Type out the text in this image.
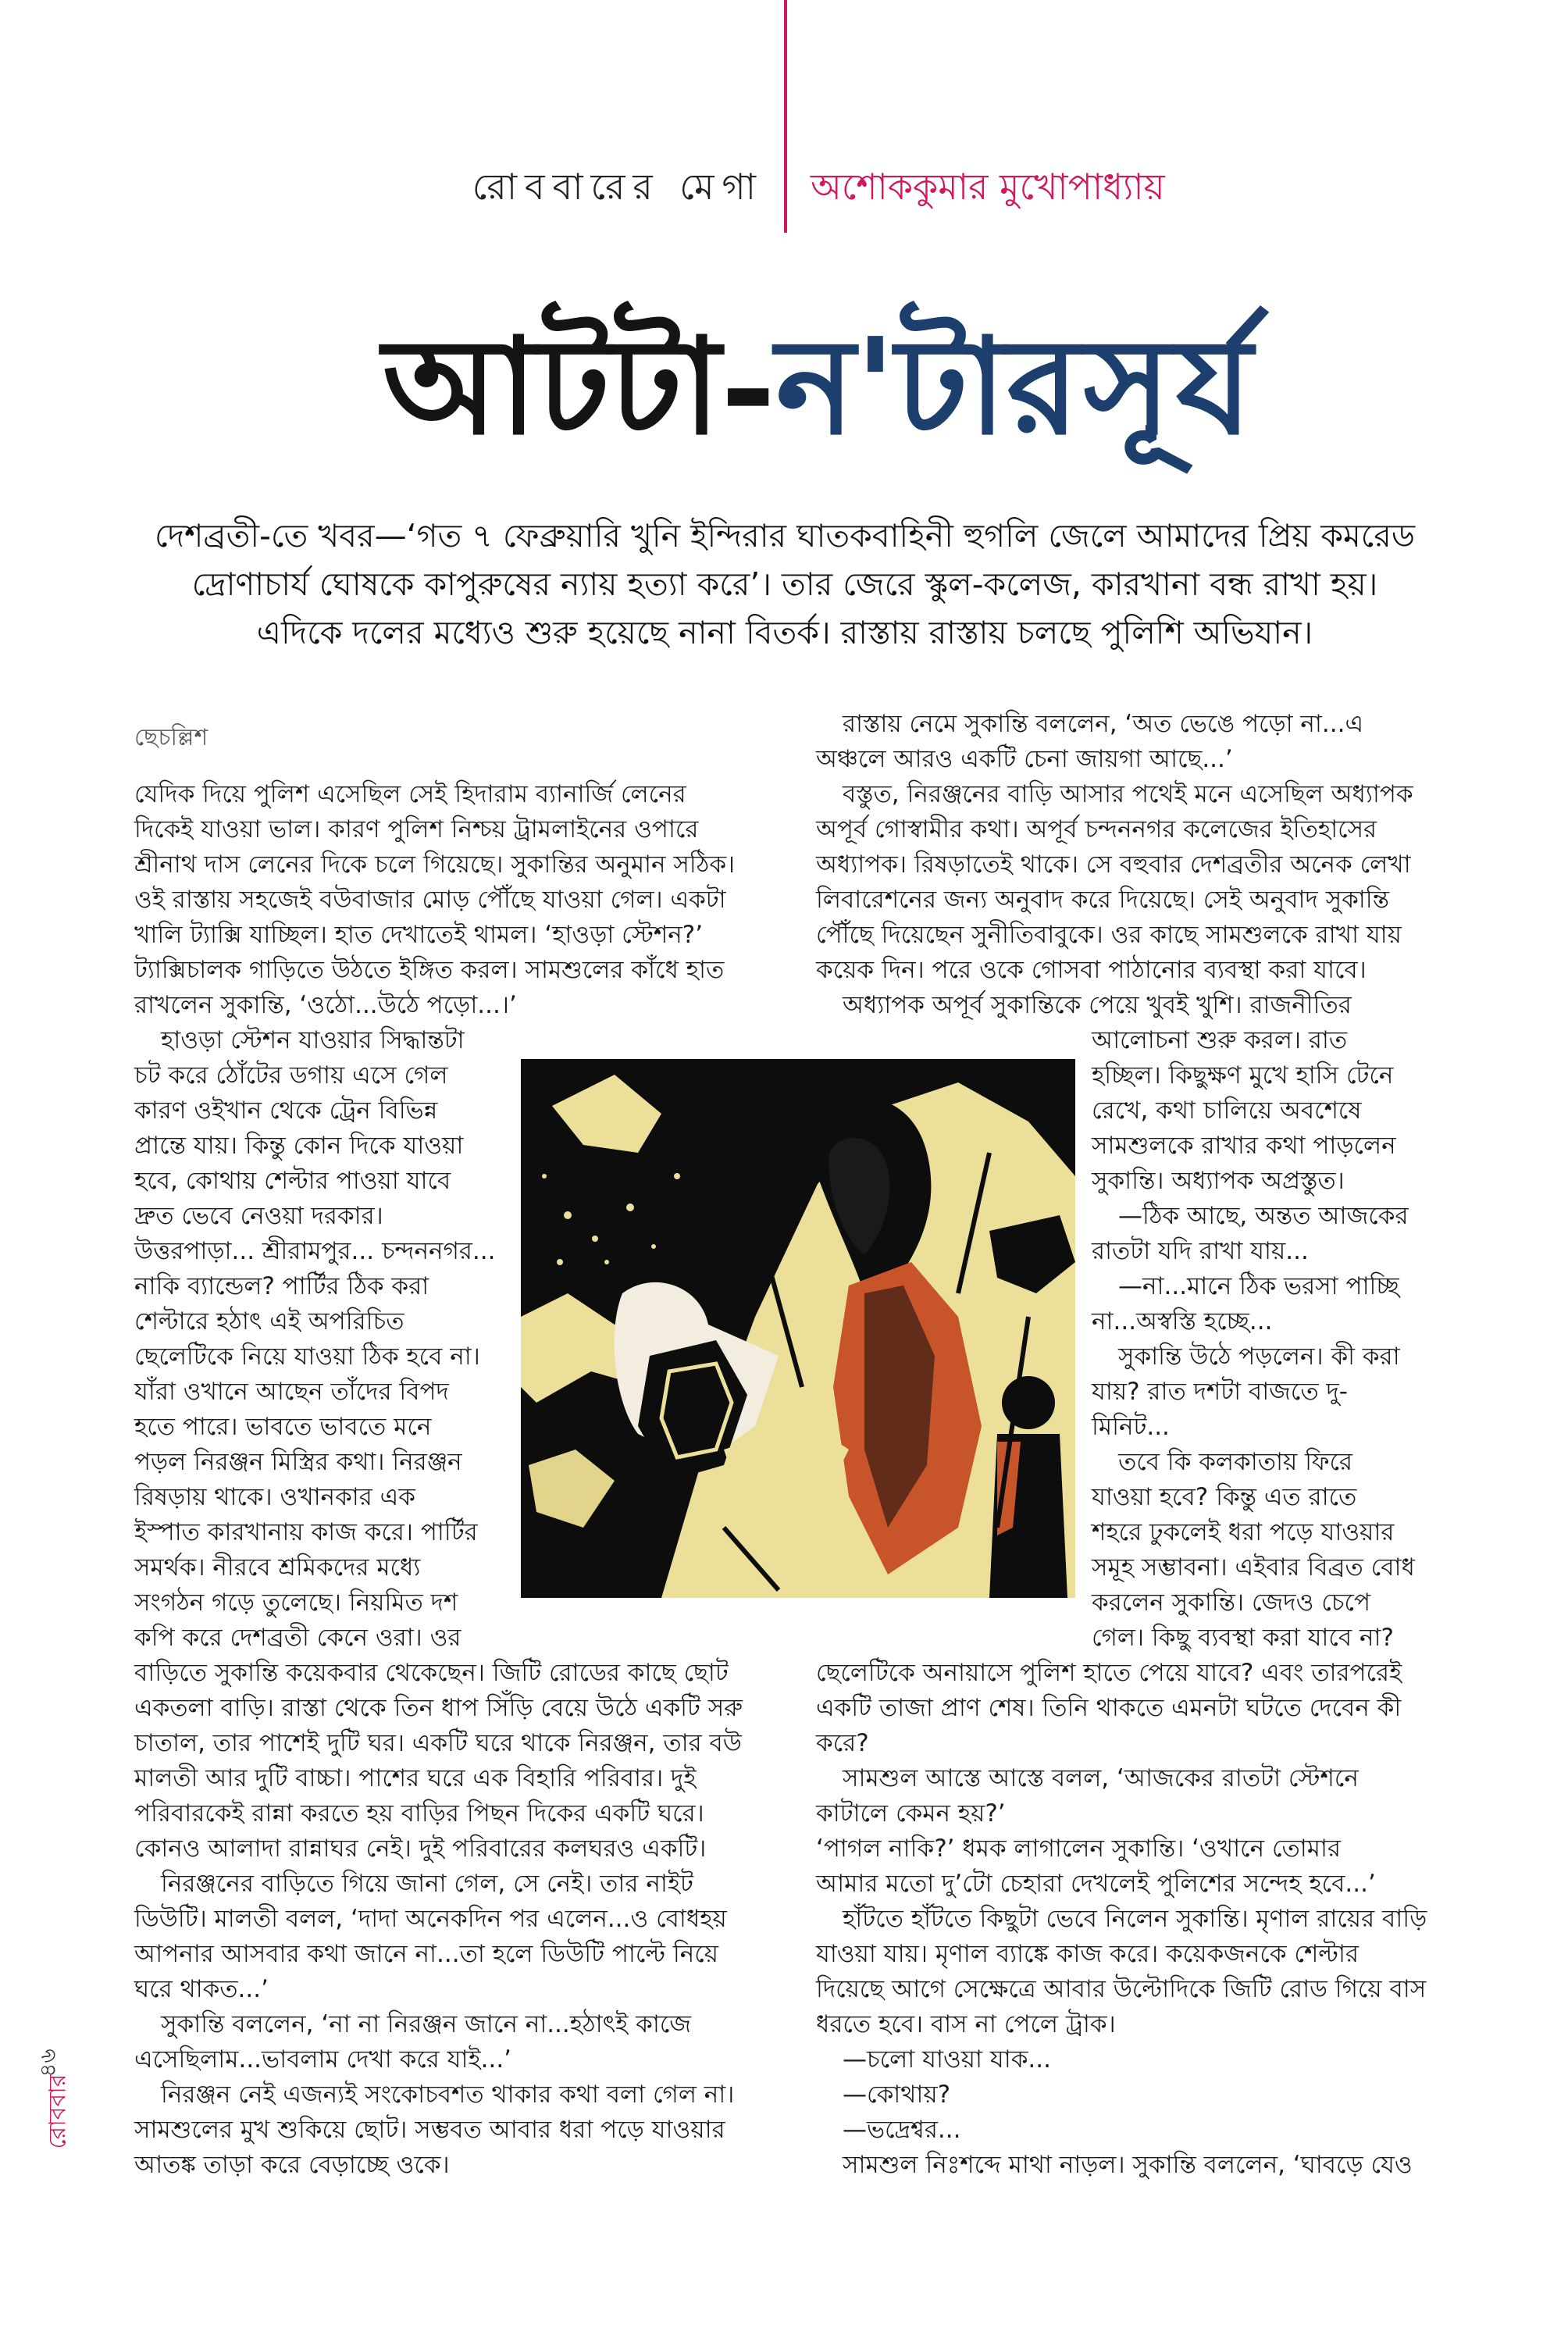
রোববারের মেগা অশোককুমার মুখোপাধ্যায়
আটটা-ন'টার সূর্য
দেশব্রতী-তে খবর—‘গত ৭ ফেব্রুয়ারি খুনি ইন্দিরার ঘাতকবাহিনী হুগলি জেলে আমাদের প্রিয় কমরেড
দ্রোণাচার্য ঘোষকে কাপুরুষের ন্যায় হত্যা করে’। তার জেরে স্কুল-কলেজ, কারখানা বন্ধ রাখা হয়।
এদিকে দলের মধ্যেও শুরু হয়েছে নানা বিতর্ক। রাস্তায় রাস্তায় চলছে পুলিশি অভিযান।
ছেচল্লিশ

যেদিক দিয়ে পুলিশ এসেছিল সেই হিদারাম ব্যানার্জি লেনের

দিকেই যাওয়া ভাল। কারণ পুলিশ নিশ্চয় ট্রামলাইনের ওপারে

শ্রীনাথ দাস লেনের দিকে চলে গিয়েছে। সুকান্তির অনুমান সঠিক।

ওই রাস্তায় সহজেই বউবাজার মোড় পৌঁছে যাওয়া গেল। একটা

খালি ট্যাক্সি যাচ্ছিল। হাত দেখাতেই থামল। ‘হাওড়া স্টেশন?’

ট্যাক্সিচালক গাড়িতে উঠতে ইঙ্গিত করল। সামশুলের কাঁধে হাত

রাখলেন সুকান্তি, ‘ওঠো...উঠে পড়ো...।’

হাওড়া স্টেশন যাওয়ার সিদ্ধান্তটা

চট করে ঠোঁটের ডগায় এসে গেল

কারণ ওইখান থেকে ট্রেন বিভিন্ন

প্রান্তে যায়। কিন্তু কোন দিকে যাওয়া

হবে, কোথায় শেল্টার পাওয়া যাবে

দ্রুত ভেবে নেওয়া দরকার।

উত্তরপাড়া... শ্রীরামপুর... চন্দননগর...

নাকি ব্যান্ডেল? পার্টির ঠিক করা

শেল্টারে হঠাৎ এই অপরিচিত

ছেলেটিকে নিয়ে যাওয়া ঠিক হবে না।

যাঁরা ওখানে আছেন তাঁদের বিপদ

হতে পারে। ভাবতে ভাবতে মনে

পড়ল নিরঞ্জন মিস্ত্রির কথা। নিরঞ্জন

রিষড়ায় থাকে। ওখানকার এক

ইস্পাত কারখানায় কাজ করে। পার্টির

সমর্থক। নীরবে শ্রমিকদের মধ্যে

সংগঠন গড়ে তুলেছে। নিয়মিত দশ

কপি করে দেশব্রতী কেনে ওরা। ওর

বাড়িতে সুকান্তি কয়েকবার থেকেছেন। জিটি রোডের কাছে ছোট

একতলা বাড়ি। রাস্তা থেকে তিন ধাপ সিঁড়ি বেয়ে উঠে একটি সরু

চাতাল, তার পাশেই দুটি ঘর। একটি ঘরে থাকে নিরঞ্জন, তার বউ

মালতী আর দুটি বাচ্চা। পাশের ঘরে এক বিহারি পরিবার। দুই

পরিবারকেই রান্না করতে হয় বাড়ির পিছন দিকের একটি ঘরে।

কোনও আলাদা রান্নাঘর নেই। দুই পরিবারের কলঘরও একটি।

নিরঞ্জনের বাড়িতে গিয়ে জানা গেল, সে নেই। তার নাইট

ডিউটি। মালতী বলল, ‘দাদা অনেকদিন পর এলেন...ও বোধহয়

আপনার আসবার কথা জানে না...তা হলে ডিউটি পাল্টে নিয়ে

ঘরে থাকত...’

সুকান্তি বললেন, ‘না না নিরঞ্জন জানে না...হঠাৎই কাজে

এসেছিলাম...ভাবলাম দেখা করে যাই...’

নিরঞ্জন নেই এজন্যই সংকোচবশত থাকার কথা বলা গেল না।

সামশুলের মুখ শুকিয়ে ছোট। সম্ভবত আবার ধরা পড়ে যাওয়ার

আতঙ্ক তাড়া করে বেড়াচ্ছে ওকে।

রাস্তায় নেমে সুকান্তি বললেন, ‘অত ভেঙে পড়ো না...এ

অঞ্চলে আরও একটি চেনা জায়গা আছে...’

বস্তুত, নিরঞ্জনের বাড়ি আসার পথেই মনে এসেছিল অধ্যাপক

অপূর্ব গোস্বামীর কথা। অপূর্ব চন্দননগর কলেজের ইতিহাসের

অধ্যাপক। রিষড়াতেই থাকে। সে বহুবার দেশব্রতীর অনেক লেখা

লিবারেশনের জন্য অনুবাদ করে দিয়েছে। সেই অনুবাদ সুকান্তি

পৌঁছে দিয়েছেন সুনীতিবাবুকে। ওর কাছে সামশুলকে রাখা যায়

কয়েক দিন। পরে ওকে গোসবা পাঠানোর ব্যবস্থা করা যাবে।

অধ্যাপক অপূর্ব সুকান্তিকে পেয়ে খুবই খুশি। রাজনীতির

আলোচনা শুরু করল। রাত

হচ্ছিল। কিছুক্ষণ মুখে হাসি টেনে

রেখে, কথা চালিয়ে অবশেষে

সামশুলকে রাখার কথা পাড়লেন

সুকান্তি। অধ্যাপক অপ্রস্তুত।

—ঠিক আছে, অন্তত আজকের

রাতটা যদি রাখা যায়...

—না...মানে ঠিক ভরসা পাচ্ছি

না...অস্বস্তি হচ্ছে...

সুকান্তি উঠে পড়লেন। কী করা

যায়? রাত দশটা বাজতে দু-

মিনিট...

তবে কি কলকাতায় ফিরে

যাওয়া হবে? কিন্তু এত রাতে

শহরে ঢুকলেই ধরা পড়ে যাওয়ার

সমূহ সম্ভাবনা। এইবার বিব্রত বোধ

করলেন সুকান্তি। জেদও চেপে

গেল। কিছু ব্যবস্থা করা যাবে না?

ছেলেটিকে অনায়াসে পুলিশ হাতে পেয়ে যাবে? এবং তারপরেই

একটি তাজা প্রাণ শেষ। তিনি থাকতে এমনটা ঘটতে দেবেন কী

করে?

সামশুল আস্তে আস্তে বলল, ‘আজকের রাতটা স্টেশনে

কাটালে কেমন হয়?’

‘পাগল নাকি?’ ধমক লাগালেন সুকান্তি। ‘ওখানে তোমার

আমার মতো দু’টো চেহারা দেখলেই পুলিশের সন্দেহ হবে...’

হাঁটতে হাঁটতে কিছুটা ভেবে নিলেন সুকান্তি। মৃণাল রায়ের বাড়ি

যাওয়া যায়। মৃণাল ব্যাঙ্কে কাজ করে। কয়েকজনকে শেল্টার

দিয়েছে আগে সেক্ষেত্রে আবার উল্টোদিকে জিটি রোড গিয়ে বাস

ধরতে হবে। বাস না পেলে ট্রাক।

—চলো যাওয়া যাক...

—কোথায়?

—ভদ্রেশ্বর...

সামশুল নিঃশব্দে মাথা নাড়ল। সুকান্তি বললেন, ‘ঘাবড়ে যেও

৪৬
রোববার
